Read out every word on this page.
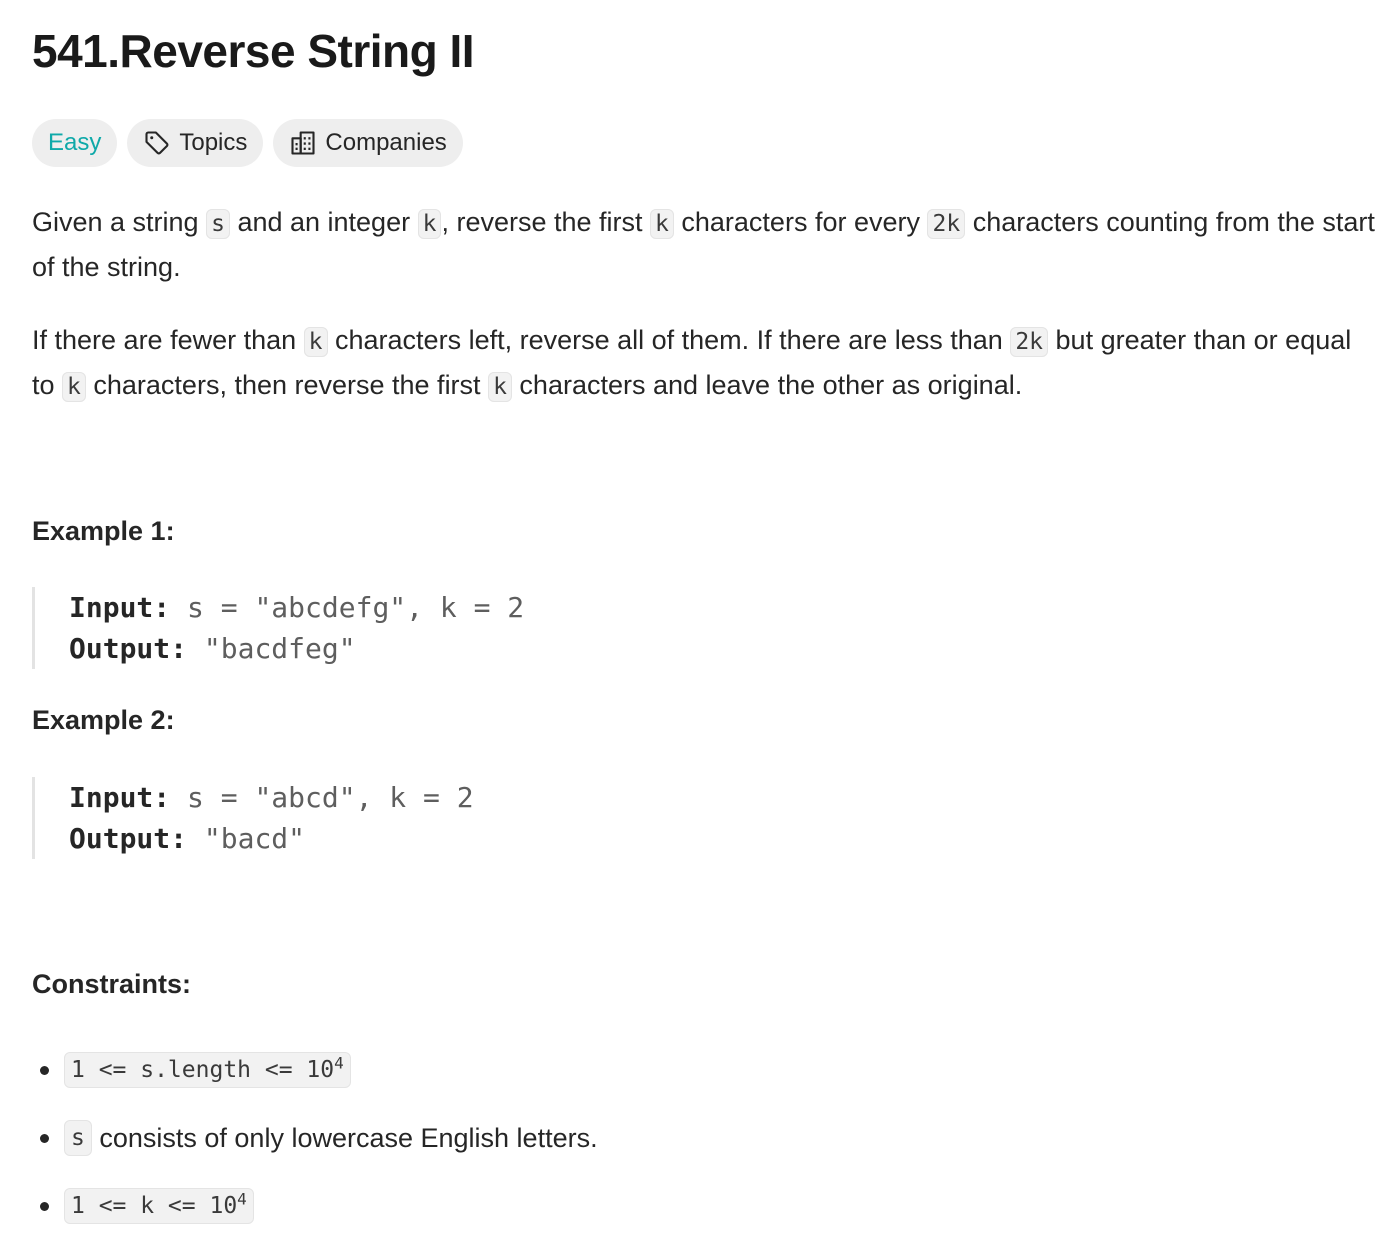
541.Reverse String II
Easy	Topics	Companies

Given a string s and an integer k , reverse the first k characters for every 2k characters counting from the start of the string.

If there are fewer than k characters left, reverse all of them. If there are less than 2k but greater than or equal to k characters, then reverse the first k characters and leave the other as original.

Example 1:
Input: s = "abcdefg", k = 2
Output: "bacdfeg"
Example 2:
Input: s = "abcd", k = 2
Output: "bacd"
Constraints:
1 <= s.length <= $10^4$
s consists of only lowercase English letters.
$1 <= k <= 10^4$
